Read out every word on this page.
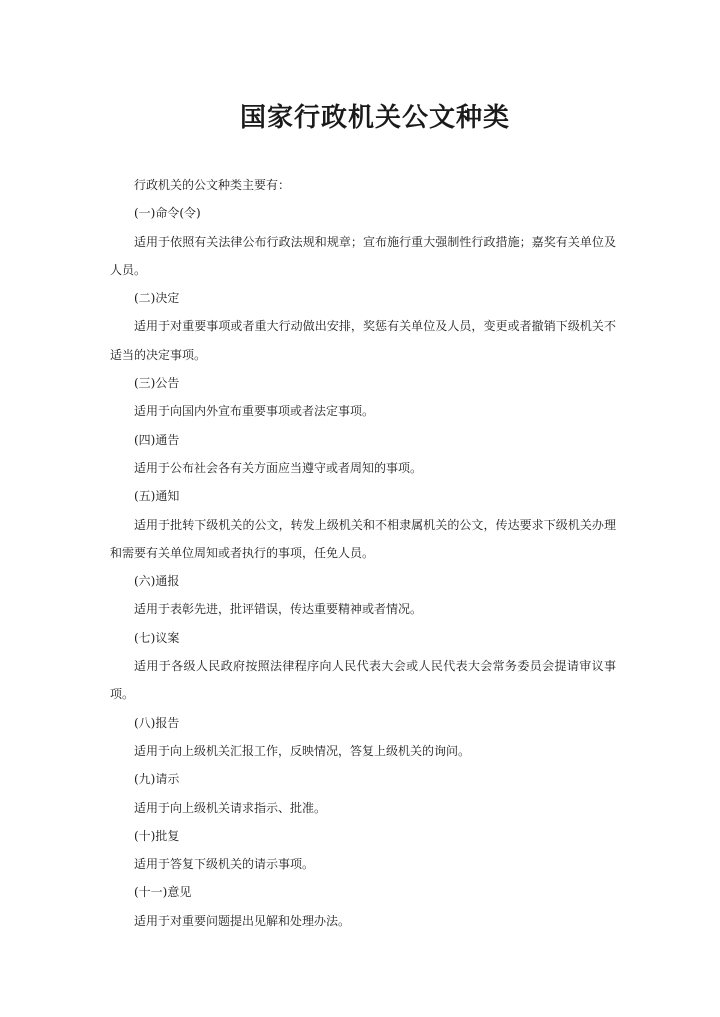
国家行政机关公文种类

行政机关的公文种类主要有：

(一)命令(令)

适用于依照有关法律公布行政法规和规章；宣布施行重大强制性行政措施；嘉奖有关单位及人员。

(二)决定

适用于对重要事项或者重大行动做出安排，奖惩有关单位及人员，变更或者撤销下级机关不适当的决定事项。

(三)公告

适用于向国内外宣布重要事项或者法定事项。

(四)通告

适用于公布社会各有关方面应当遵守或者周知的事项。

(五)通知

适用于批转下级机关的公文，转发上级机关和不相隶属机关的公文，传达要求下级机关办理和需要有关单位周知或者执行的事项，任免人员。

(六)通报

适用于表彰先进，批评错误，传达重要精神或者情况。

(七)议案

适用于各级人民政府按照法律程序向人民代表大会或人民代表大会常务委员会提请审议事项。

(八)报告

适用于向上级机关汇报工作，反映情况，答复上级机关的询问。

(九)请示

适用于向上级机关请求指示、批准。

(十)批复

适用于答复下级机关的请示事项。

(十一)意见

适用于对重要问题提出见解和处理办法。
